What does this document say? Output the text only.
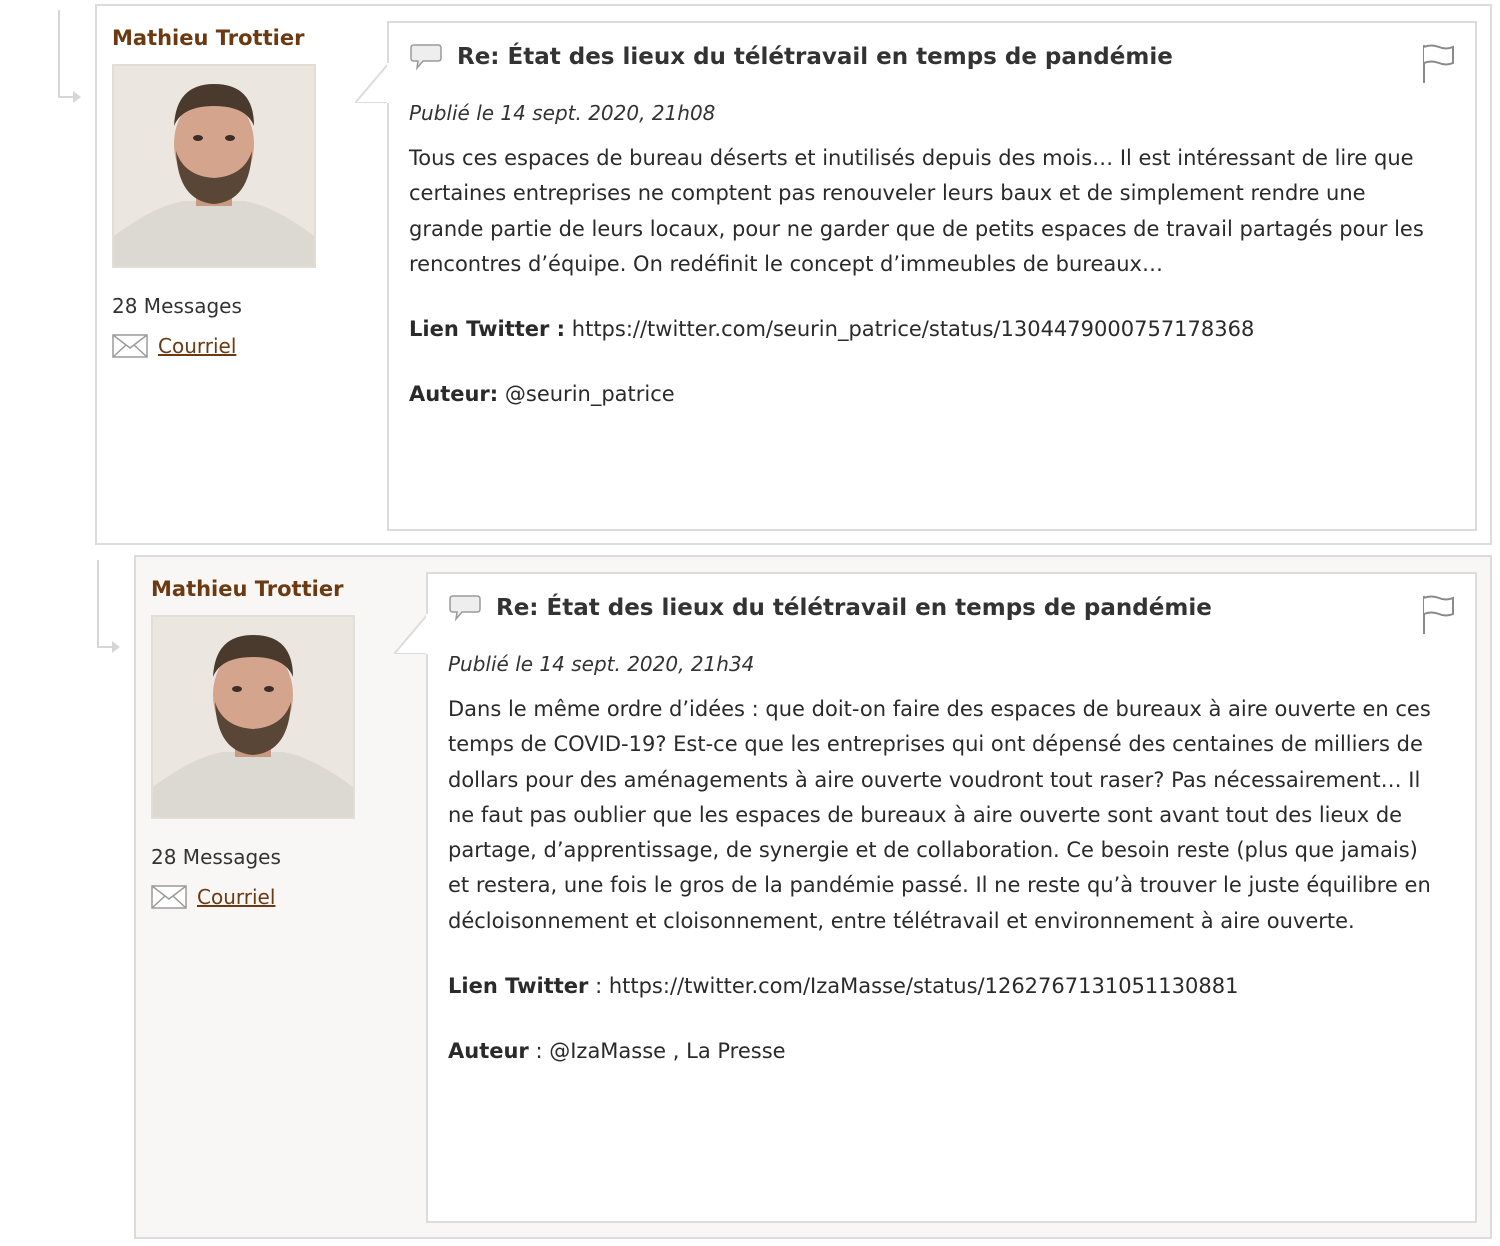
Mathieu Trottier
28 Messages
Courriel
Re: État des lieux du télétravail en temps de pandémie
Publié le 14 sept. 2020, 21h08

Tous ces espaces de bureau déserts et inutilisés depuis des mois… Il est intéressant de lire que certaines entreprises ne comptent pas renouveler leurs baux et de simplement rendre une grande partie de leurs locaux, pour ne garder que de petits espaces de travail partagés pour les rencontres d’équipe. On redéfinit le concept d’immeubles de bureaux…

Lien Twitter : https://twitter.com/seurin_patrice/status/1304479000757178368

Auteur: @seurin_patrice

Mathieu Trottier
28 Messages
Courriel
Re: État des lieux du télétravail en temps de pandémie
Publié le 14 sept. 2020, 21h34

Dans le même ordre d’idées : que doit-on faire des espaces de bureaux à aire ouverte en ces temps de COVID-19? Est-ce que les entreprises qui ont dépensé des centaines de milliers de dollars pour des aménagements à aire ouverte voudront tout raser? Pas nécessairement… Il ne faut pas oublier que les espaces de bureaux à aire ouverte sont avant tout des lieux de partage, d’apprentissage, de synergie et de collaboration. Ce besoin reste (plus que jamais) et restera, une fois le gros de la pandémie passé. Il ne reste qu’à trouver le juste équilibre en décloisonnement et cloisonnement, entre télétravail et environnement à aire ouverte.

Lien Twitter : https://twitter.com/IzaMasse/status/1262767131051130881

Auteur : @IzaMasse , La Presse
